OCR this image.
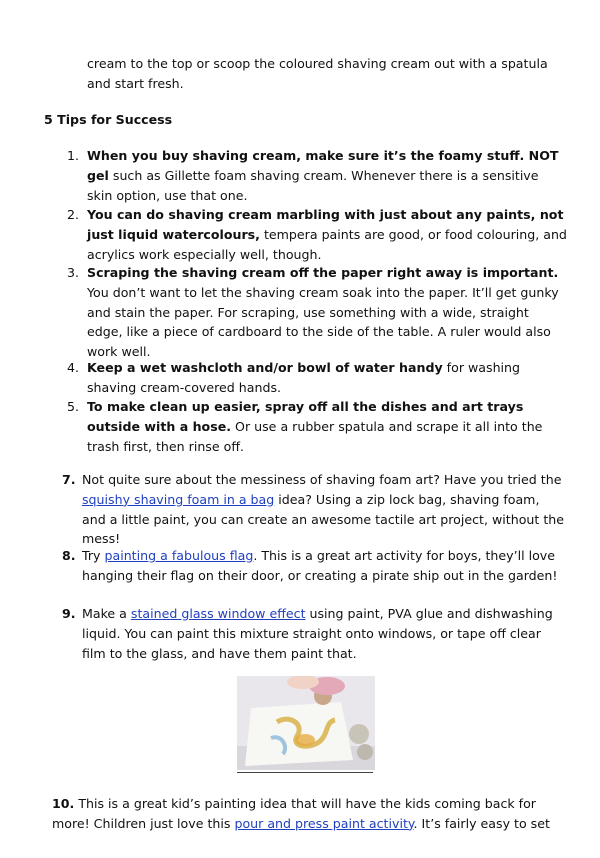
cream to the top or scoop the coloured shaving cream out with a spatula
and start fresh.
5 Tips for Success
1. When you buy shaving cream, make sure it’s the foamy stuff. NOT gel such as Gillette foam shaving cream. Whenever there is a sensitive skin option, use that one.
2. You can do shaving cream marbling with just about any paints, not just liquid watercolours, tempera paints are good, or food colouring, and acrylics work especially well, though.
3. Scraping the shaving cream off the paper right away is important. You don’t want to let the shaving cream soak into the paper. It’ll get gunky and stain the paper. For scraping, use something with a wide, straight edge, like a piece of cardboard to the side of the table. A ruler would also work well.
4. Keep a wet washcloth and/or bowl of water handy for washing shaving cream-covered hands.
5. To make clean up easier, spray off all the dishes and art trays outside with a hose. Or use a rubber spatula and scrape it all into the trash first, then rinse off.
7. Not quite sure about the messiness of shaving foam art? Have you tried the squishy shaving foam in a bag idea? Using a zip lock bag, shaving foam, and a little paint, you can create an awesome tactile art project, without the mess!
8. Try painting a fabulous flag. This is a great art activity for boys, they’ll love hanging their flag on their door, or creating a pirate ship out in the garden!
9. Make a stained glass window effect using paint, PVA glue and dishwashing liquid. You can paint this mixture straight onto windows, or tape off clear film to the glass, and have them paint that.
10. This is a great kid’s painting idea that will have the kids coming back for more! Children just love this pour and press paint activity. It’s fairly easy to set
